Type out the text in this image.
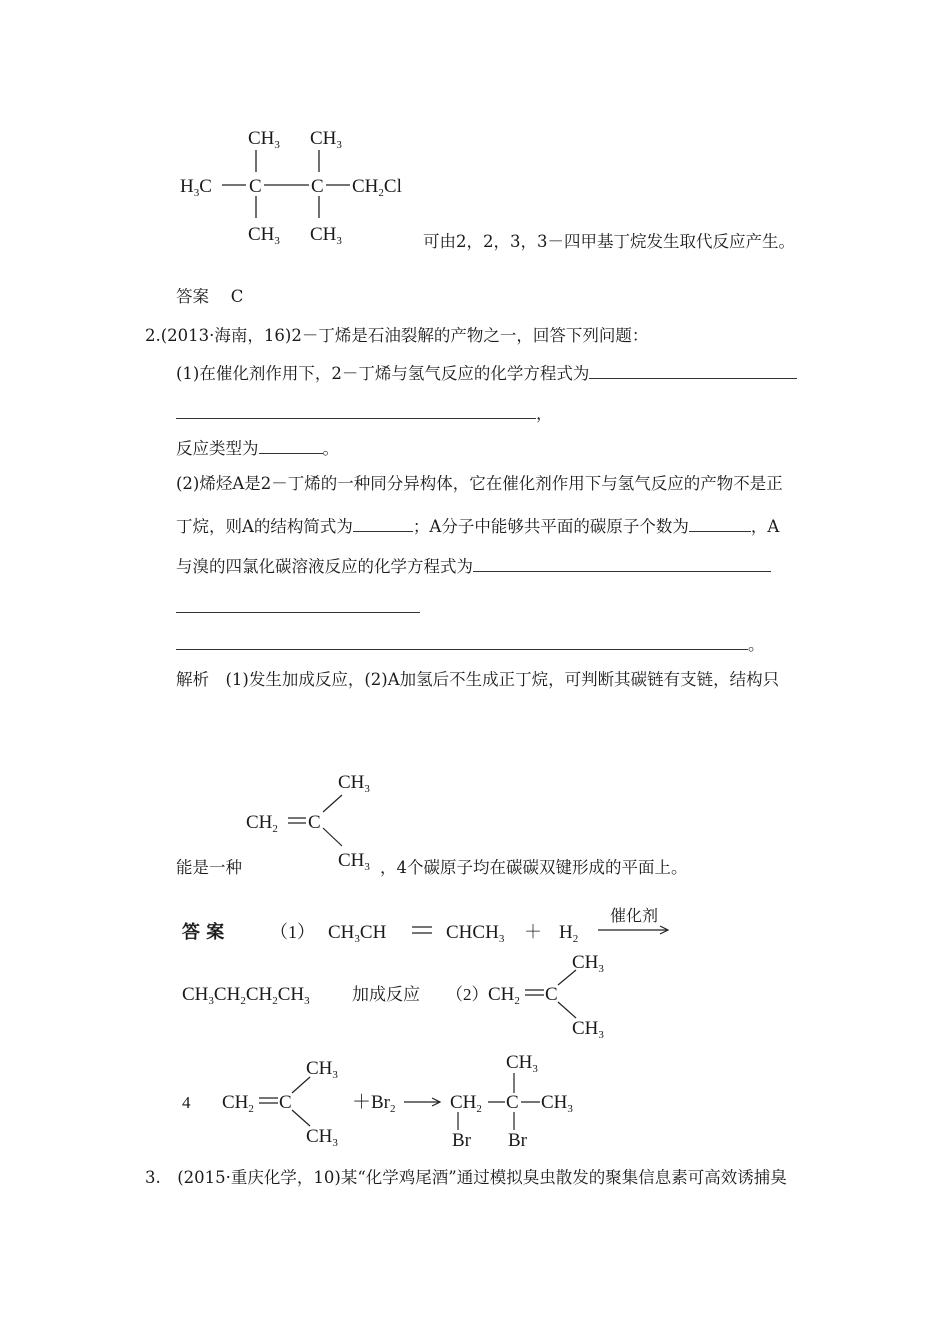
$CH_3$ $CH_3$
$H_3C$ C	C $CH_2Cl$
$CH_3$ $CH_3$	可由2，2，3，3－四甲基丁烷发生取代反应产生。
答案　 C
2.(2013·海南，16)2－丁烯是石油裂解的产物之一，回答下列问题：
(1)在催化剂作用下，2－丁烯与氢气反应的化学方程式为
，
反应类型为	。
(2)烯烃A是2－丁烯的一种同分异构体，它在催化剂作用下与氢气反应的产物不是正
丁烷，则A的结构简式为	；A分子中能够共平面的碳原子个数为	，A
与溴的四氯化碳溶液反应的化学方程式为
。
解析　(1)发生加成反应，(2)A加氢后不生成正丁烷，可判断其碳链有支链，结构只
$CH_3$
$CH_2$ C
$CH_3$
能是一种	，4个碳原子均在碳碳双键形成的平面上。
答 案	（1） $CH_3CH$	$CHCH_3 + H_2$
催化剂
$CH_3CH_2CH_2CH_3$ 加成反应 （2） $CH_2$ C
$CH_3$
$CH_3$
4 $CH_2$ C
$CH_3$
$CH_3$
$+Br_2$	$CH_2$ C $CH_3$
$CH_3$
Br Br
3.　(2015·重庆化学，10)某“化学鸡尾酒”通过模拟臭虫散发的聚集信息素可高效诱捕臭
